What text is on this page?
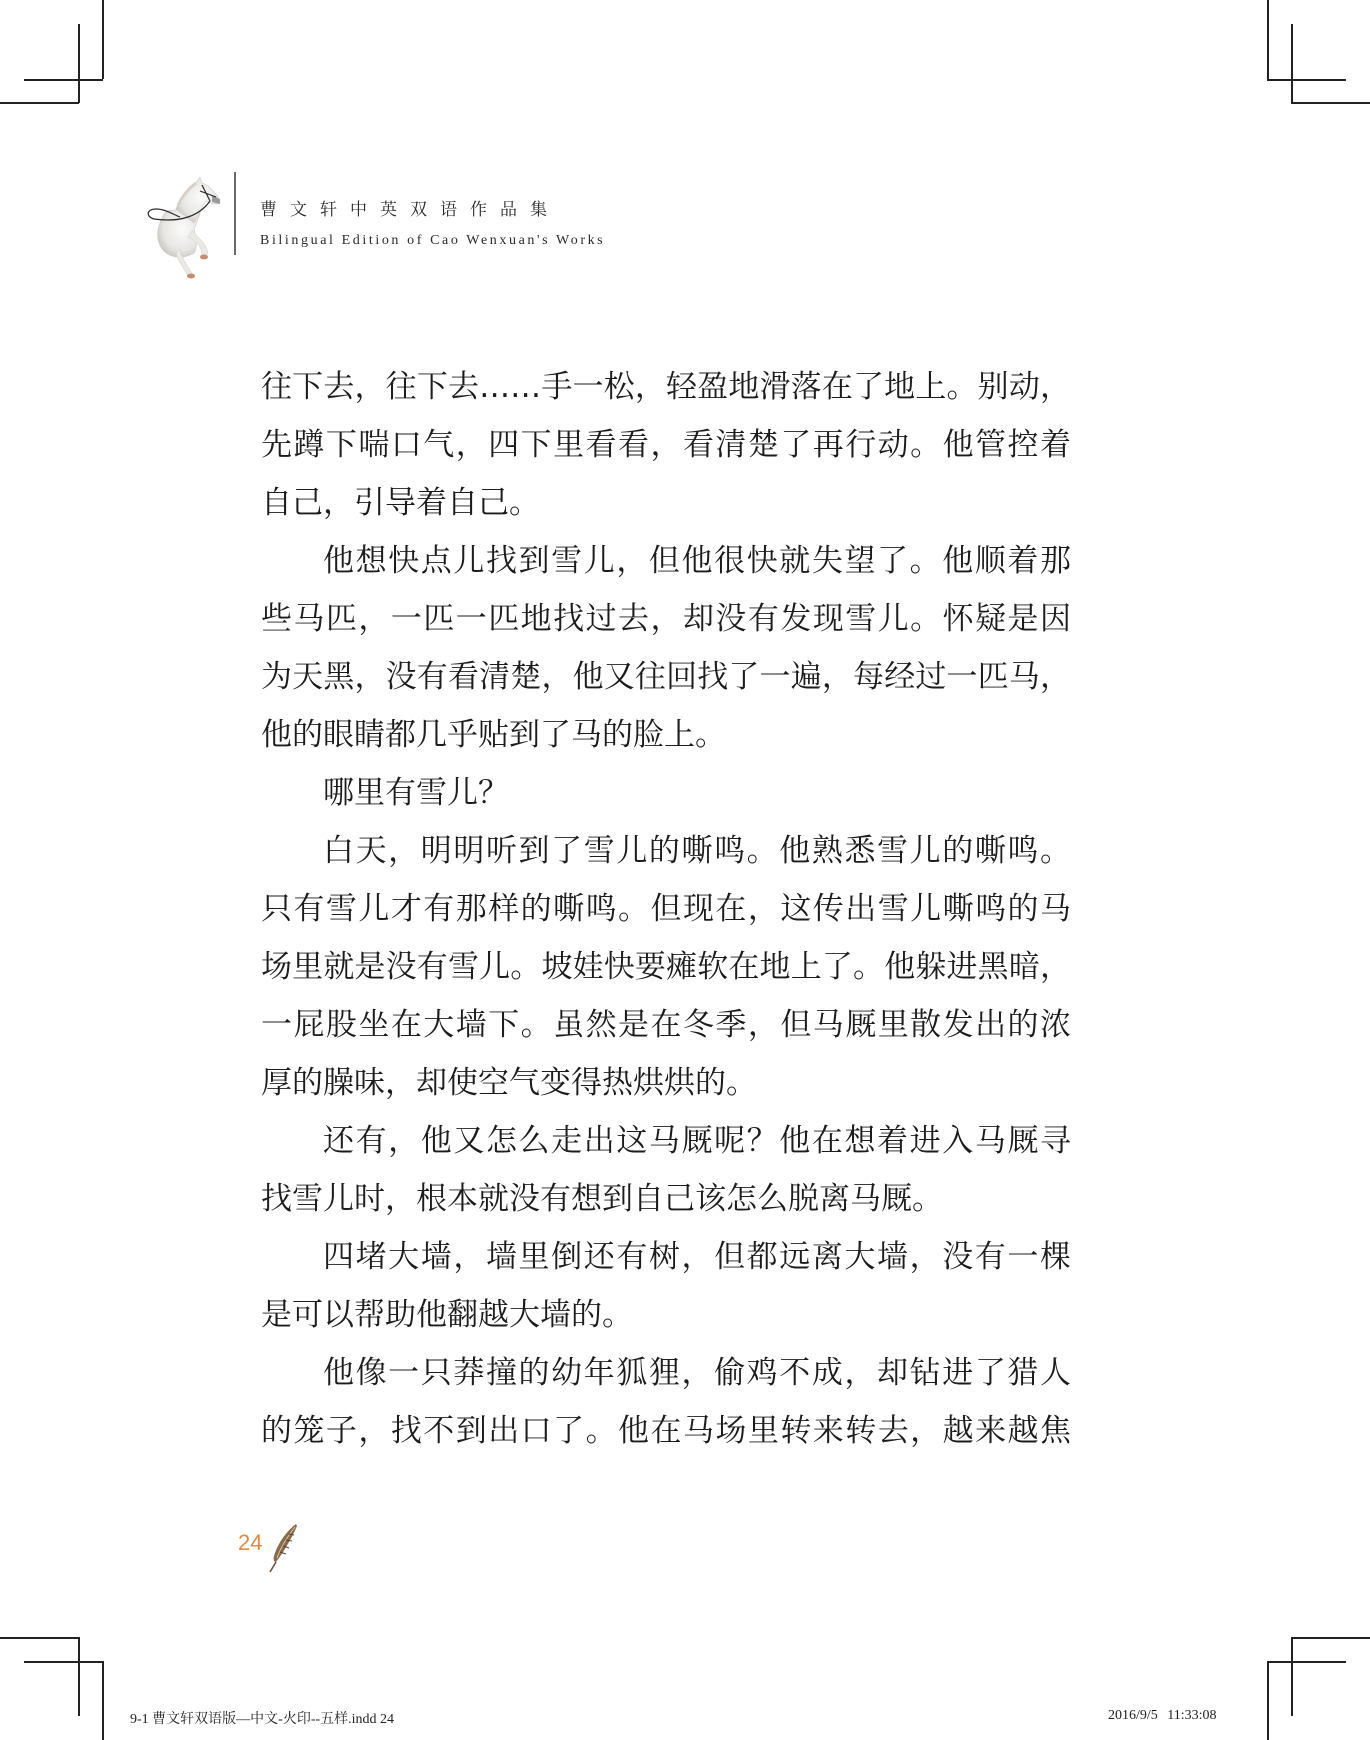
曹文轩中英双语作品集
Bilingual Edition of Cao Wenxuan's Works
往下去，往下去……手一松，轻盈地滑落在了地上。别动，
先蹲下喘口气，四下里看看，看清楚了再行动。他管控着
自己，引导着自己。
他想快点儿找到雪儿，但他很快就失望了。他顺着那
些马匹，一匹一匹地找过去，却没有发现雪儿。怀疑是因
为天黑，没有看清楚，他又往回找了一遍，每经过一匹马，
他的眼睛都几乎贴到了马的脸上。
哪里有雪儿？
白天，明明听到了雪儿的嘶鸣。他熟悉雪儿的嘶鸣。
只有雪儿才有那样的嘶鸣。但现在，这传出雪儿嘶鸣的马
场里就是没有雪儿。坡娃快要瘫软在地上了。他躲进黑暗，
一屁股坐在大墙下。虽然是在冬季，但马厩里散发出的浓
厚的臊味，却使空气变得热烘烘的。
还有，他又怎么走出这马厩呢？他在想着进入马厩寻
找雪儿时，根本就没有想到自己该怎么脱离马厩。
四堵大墙，墙里倒还有树，但都远离大墙，没有一棵
是可以帮助他翻越大墙的。
他像一只莽撞的幼年狐狸，偷鸡不成，却钻进了猎人
的笼子，找不到出口了。他在马场里转来转去，越来越焦
24
9-1 曹文轩双语版—中文-火印--五样.indd 24	2016/9/5 11:33:08
